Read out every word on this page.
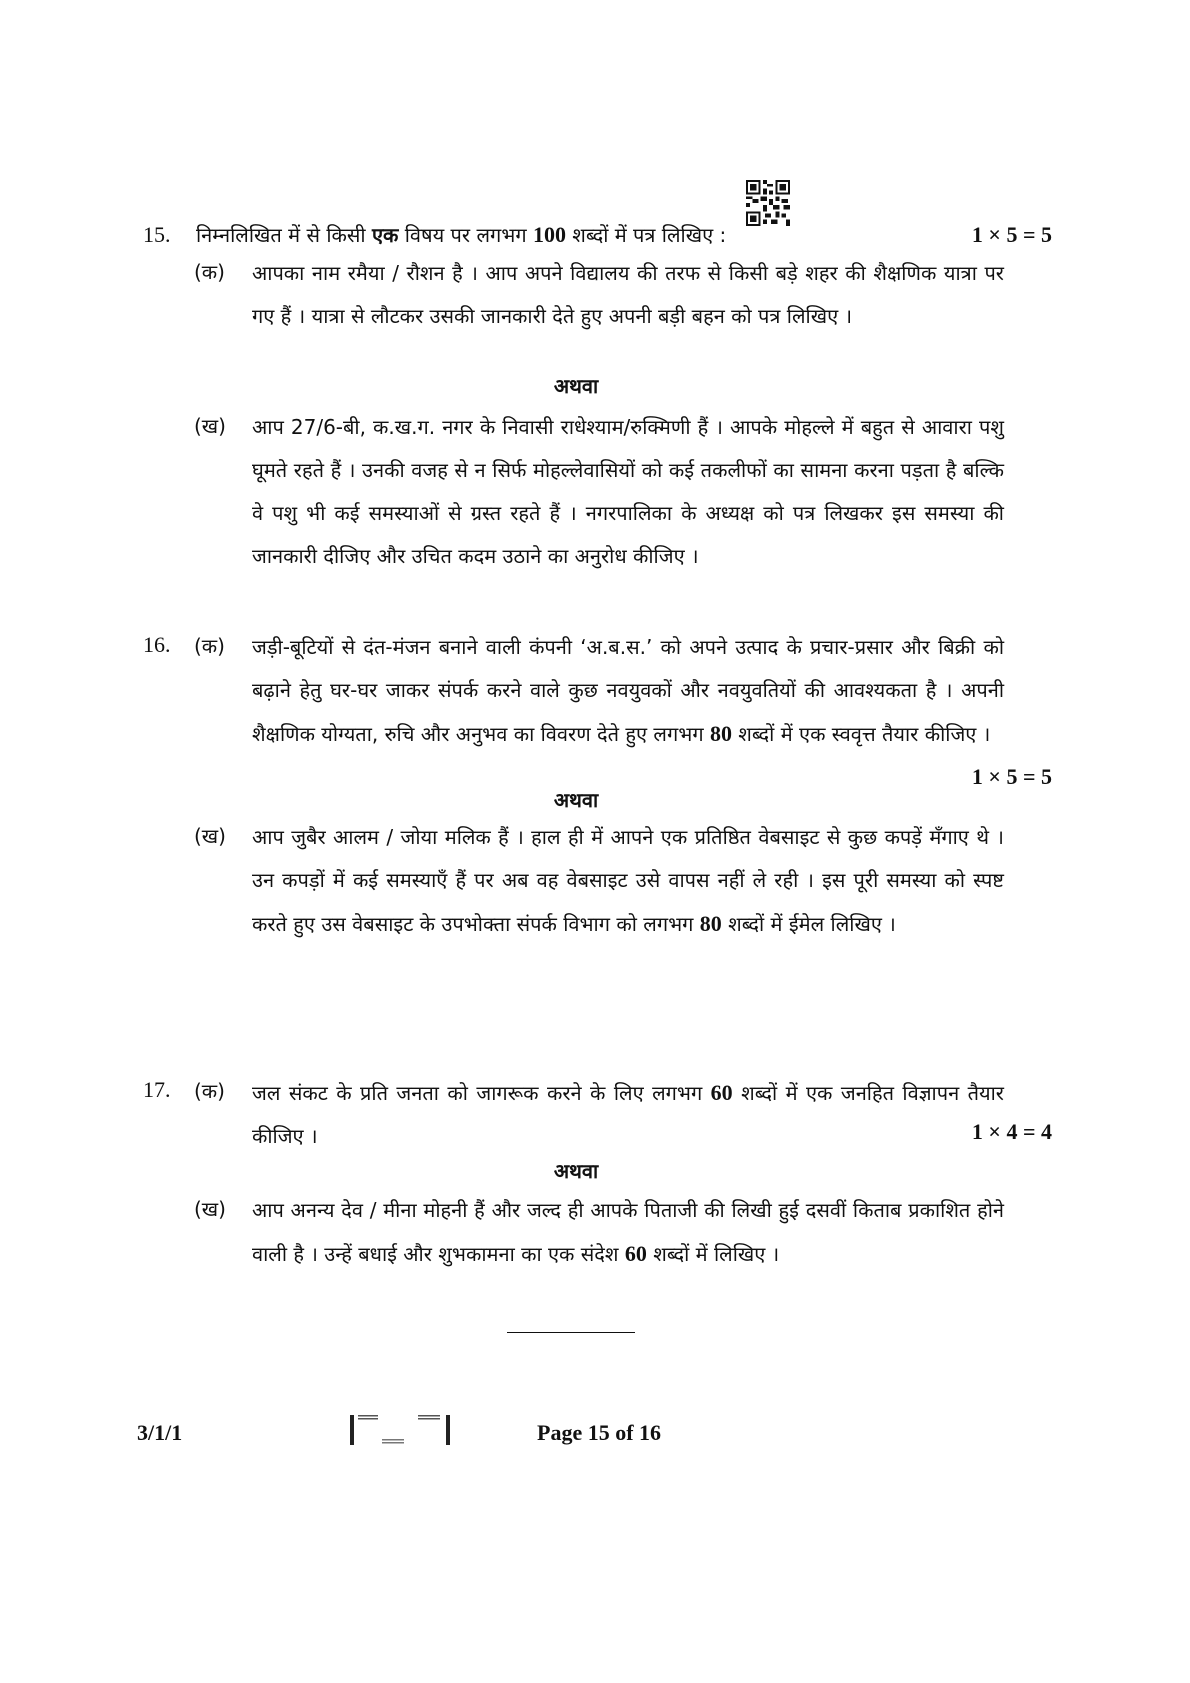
15. निम्नलिखित में से किसी एक विषय पर लगभग 100 शब्दों में पत्र लिखिए :	1 × 5 = 5
(क) आपका नाम रमैया / रौशन है । आप अपने विद्यालय की तरफ से किसी बड़े शहर की शैक्षणिक यात्रा पर गए हैं । यात्रा से लौटकर उसकी जानकारी देते हुए अपनी बड़ी बहन को पत्र लिखिए ।
अथवा
(ख) आप 27/6-बी, क.ख.ग. नगर के निवासी राधेश्याम/रुक्मिणी हैं । आपके मोहल्ले में बहुत से आवारा पशु घूमते रहते हैं । उनकी वजह से न सिर्फ मोहल्लेवासियों को कई तकलीफों का सामना करना पड़ता है बल्कि वे पशु भी कई समस्याओं से ग्रस्त रहते हैं । नगरपालिका के अध्यक्ष को पत्र लिखकर इस समस्या की जानकारी दीजिए और उचित कदम उठाने का अनुरोध कीजिए ।
16. (क) जड़ी-बूटियों से दंत-मंजन बनाने वाली कंपनी ‘अ.ब.स.’ को अपने उत्पाद के प्रचार-प्रसार और बिक्री को बढ़ाने हेतु घर-घर जाकर संपर्क करने वाले कुछ नवयुवकों और नवयुवतियों की आवश्यकता है । अपनी शैक्षणिक योग्यता, रुचि और अनुभव का विवरण देते हुए लगभग 80 शब्दों में एक स्ववृत्त तैयार कीजिए ।
1 × 5 = 5
अथवा
(ख) आप जुबैर आलम / जोया मलिक हैं । हाल ही में आपने एक प्रतिष्ठित वेबसाइट से कुछ कपड़ें मँगाए थे । उन कपड़ों में कई समस्याएँ हैं पर अब वह वेबसाइट उसे वापस नहीं ले रही । इस पूरी समस्या को स्पष्ट करते हुए उस वेबसाइट के उपभोक्ता संपर्क विभाग को लगभग 80 शब्दों में ईमेल लिखिए ।
17. (क) जल संकट के प्रति जनता को जागरूक करने के लिए लगभग 60 शब्दों में एक जनहित विज्ञापन तैयार कीजिए ।	1 × 4 = 4
अथवा
(ख) आप अनन्य देव / मीना मोहनी हैं और जल्द ही आपके पिताजी की लिखी हुई दसवीं किताब प्रकाशित होने वाली है । उन्हें बधाई और शुभकामना का एक संदेश 60 शब्दों में लिखिए ।
3/1/1	Page 15 of 16
